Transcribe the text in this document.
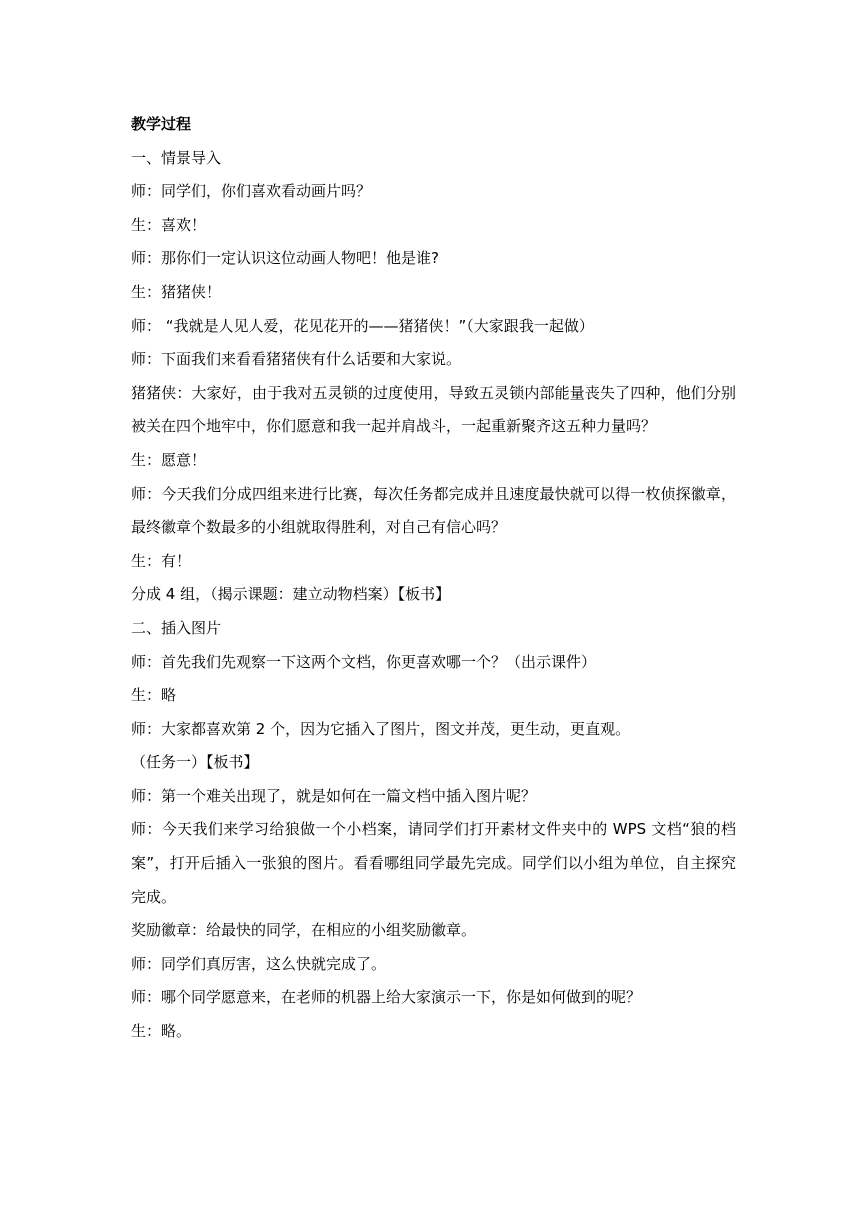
教学过程

一、情景导入

师：同学们，你们喜欢看动画片吗？

生：喜欢！

师：那你们一定认识这位动画人物吧！他是谁?

生：猪猪侠！

师： “我就是人见人爱，花见花开的——猪猪侠！”（大家跟我一起做）

师：下面我们来看看猪猪侠有什么话要和大家说。

猪猪侠：大家好，由于我对五灵锁的过度使用，导致五灵锁内部能量丧失了四种，他们分别被关在四个地牢中，你们愿意和我一起并肩战斗，一起重新聚齐这五种力量吗？

生：愿意！

师：今天我们分成四组来进行比赛，每次任务都完成并且速度最快就可以得一枚侦探徽章，最终徽章个数最多的小组就取得胜利，对自己有信心吗？

生：有！

分成 4 组，（揭示课题：建立动物档案）【板书】

二、插入图片

师：首先我们先观察一下这两个文档，你更喜欢哪一个？（出示课件）

生：略

师：大家都喜欢第 2 个，因为它插入了图片，图文并茂，更生动，更直观。

（任务一）【板书】

师：第一个难关出现了，就是如何在一篇文档中插入图片呢？

师：今天我们来学习给狼做一个小档案，请同学们打开素材文件夹中的 WPS 文档“狼的档案”，打开后插入一张狼的图片。看看哪组同学最先完成。同学们以小组为单位，自主探究完成。

奖励徽章：给最快的同学，在相应的小组奖励徽章。

师：同学们真厉害，这么快就完成了。

师：哪个同学愿意来，在老师的机器上给大家演示一下，你是如何做到的呢？

生：略。
